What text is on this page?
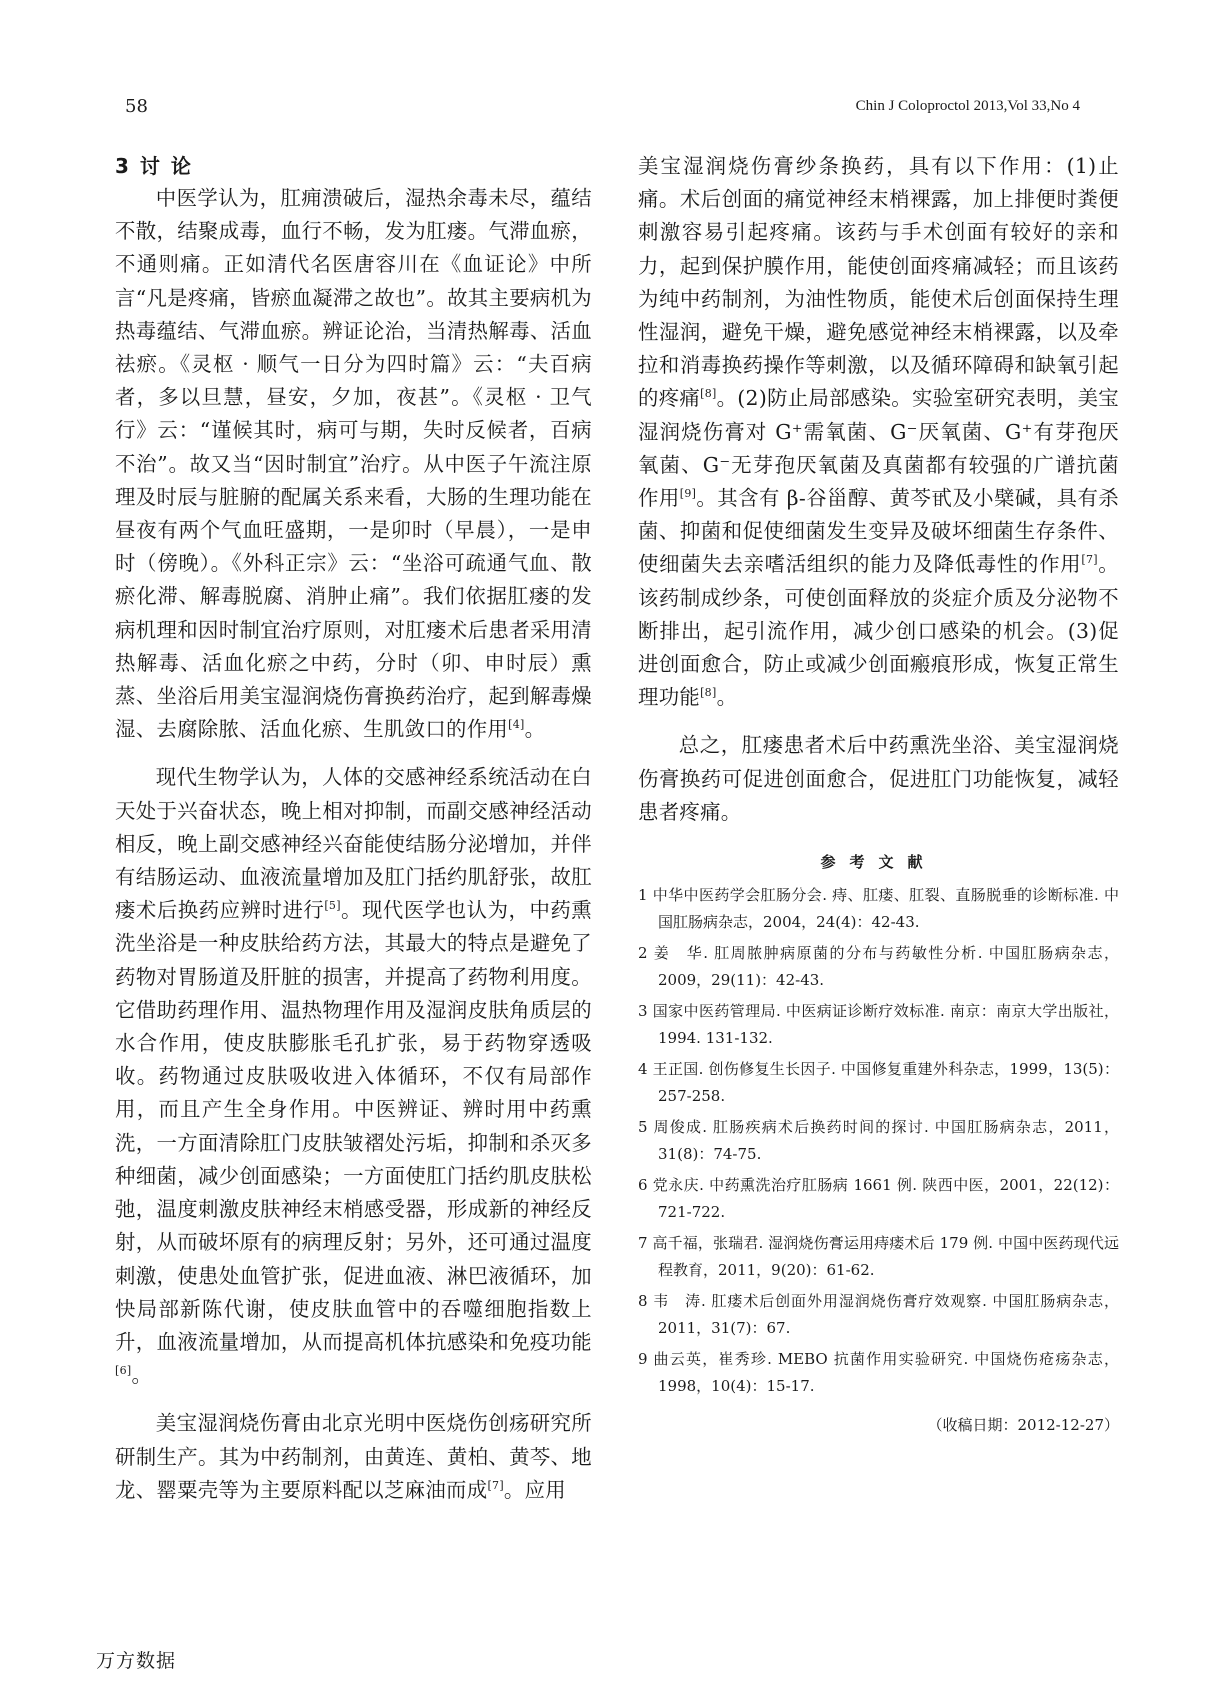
58	Chin J Coloproctol 2013,Vol 33,No 4
3 讨 论

中医学认为，肛痈溃破后，湿热余毒未尽，蕴结不散，结聚成毒，血行不畅，发为肛瘘。气滞血瘀，不通则痛。正如清代名医唐容川在《血证论》中所言“凡是疼痛，皆瘀血凝滞之故也”。故其主要病机为热毒蕴结、气滞血瘀。辨证论治，当清热解毒、活血祛瘀。《灵枢 · 顺气一日分为四时篇》云：“夫百病者，多以旦慧，昼安，夕加，夜甚”。《灵枢 · 卫气行》云：“谨候其时，病可与期，失时反候者，百病不治”。故又当“因时制宜”治疗。从中医子午流注原理及时辰与脏腑的配属关系来看，大肠的生理功能在昼夜有两个气血旺盛期，一是卯时（早晨），一是申时（傍晚）。《外科正宗》云：“坐浴可疏通气血、散瘀化滞、解毒脱腐、消肿止痛”。我们依据肛瘘的发病机理和因时制宜治疗原则，对肛瘘术后患者采用清热解毒、活血化瘀之中药，分时（卯、申时辰）熏蒸、坐浴后用美宝湿润烧伤膏换药治疗，起到解毒燥湿、去腐除脓、活血化瘀、生肌敛口的作用[4]。

现代生物学认为，人体的交感神经系统活动在白天处于兴奋状态，晚上相对抑制，而副交感神经活动相反，晚上副交感神经兴奋能使结肠分泌增加，并伴有结肠运动、血液流量增加及肛门括约肌舒张，故肛瘘术后换药应辨时进行[5]。现代医学也认为，中药熏洗坐浴是一种皮肤给药方法，其最大的特点是避免了药物对胃肠道及肝脏的损害，并提高了药物利用度。它借助药理作用、温热物理作用及湿润皮肤角质层的水合作用，使皮肤膨胀毛孔扩张，易于药物穿透吸收。药物通过皮肤吸收进入体循环，不仅有局部作用，而且产生全身作用。中医辨证、辨时用中药熏洗，一方面清除肛门皮肤皱褶处污垢，抑制和杀灭多种细菌，减少创面感染；一方面使肛门括约肌皮肤松弛，温度刺激皮肤神经末梢感受器，形成新的神经反射，从而破坏原有的病理反射；另外，还可通过温度刺激，使患处血管扩张，促进血液、淋巴液循环，加快局部新陈代谢，使皮肤血管中的吞噬细胞指数上升，血液流量增加，从而提高机体抗感染和免疫功能[6]。

美宝湿润烧伤膏由北京光明中医烧伤创疡研究所研制生产。其为中药制剂，由黄连、黄柏、黄芩、地龙、罂粟壳等为主要原料配以芝麻油而成[7]。应用

美宝湿润烧伤膏纱条换药，具有以下作用：(1)止痛。术后创面的痛觉神经末梢裸露，加上排便时粪便刺激容易引起疼痛。该药与手术创面有较好的亲和力，起到保护膜作用，能使创面疼痛减轻；而且该药为纯中药制剂，为油性物质，能使术后创面保持生理性湿润，避免干燥，避免感觉神经末梢裸露，以及牵拉和消毒换药操作等刺激，以及循环障碍和缺氧引起的疼痛[8]。(2)防止局部感染。实验室研究表明，美宝湿润烧伤膏对 G⁺需氧菌、G⁻厌氧菌、G⁺有芽孢厌氧菌、G⁻无芽孢厌氧菌及真菌都有较强的广谱抗菌作用[9]。其含有 β-谷甾醇、黄芩甙及小檗碱，具有杀菌、抑菌和促使细菌发生变异及破坏细菌生存条件、使细菌失去亲嗜活组织的能力及降低毒性的作用[7]。该药制成纱条，可使创面释放的炎症介质及分泌物不断排出，起引流作用，减少创口感染的机会。(3)促进创面愈合，防止或减少创面瘢痕形成，恢复正常生理功能[8]。

总之，肛瘘患者术后中药熏洗坐浴、美宝湿润烧伤膏换药可促进创面愈合，促进肛门功能恢复，减轻患者疼痛。

参考文献
1 中华中医药学会肛肠分会. 痔、肛瘘、肛裂、直肠脱垂的诊断标准. 中国肛肠病杂志，2004，24(4)：42-43.
2 姜　华. 肛周脓肿病原菌的分布与药敏性分析. 中国肛肠病杂志，2009，29(11)：42-43.
3 国家中医药管理局. 中医病证诊断疗效标准. 南京：南京大学出版社，1994. 131-132.
4 王正国. 创伤修复生长因子. 中国修复重建外科杂志，1999，13(5)：257-258.
5 周俊成. 肛肠疾病术后换药时间的探讨. 中国肛肠病杂志，2011，31(8)：74-75.
6 党永庆. 中药熏洗治疗肛肠病 1661 例. 陕西中医，2001，22(12)：721-722.
7 高千福，张瑞君. 湿润烧伤膏运用痔瘘术后 179 例. 中国中医药现代远程教育，2011，9(20)：61-62.
8 韦　涛. 肛瘘术后创面外用湿润烧伤膏疗效观察. 中国肛肠病杂志，2011，31(7)：67.
9 曲云英，崔秀珍. MEBO 抗菌作用实验研究. 中国烧伤疮疡杂志，1998，10(4)：15-17.
（收稿日期：2012-12-27）
万方数据
